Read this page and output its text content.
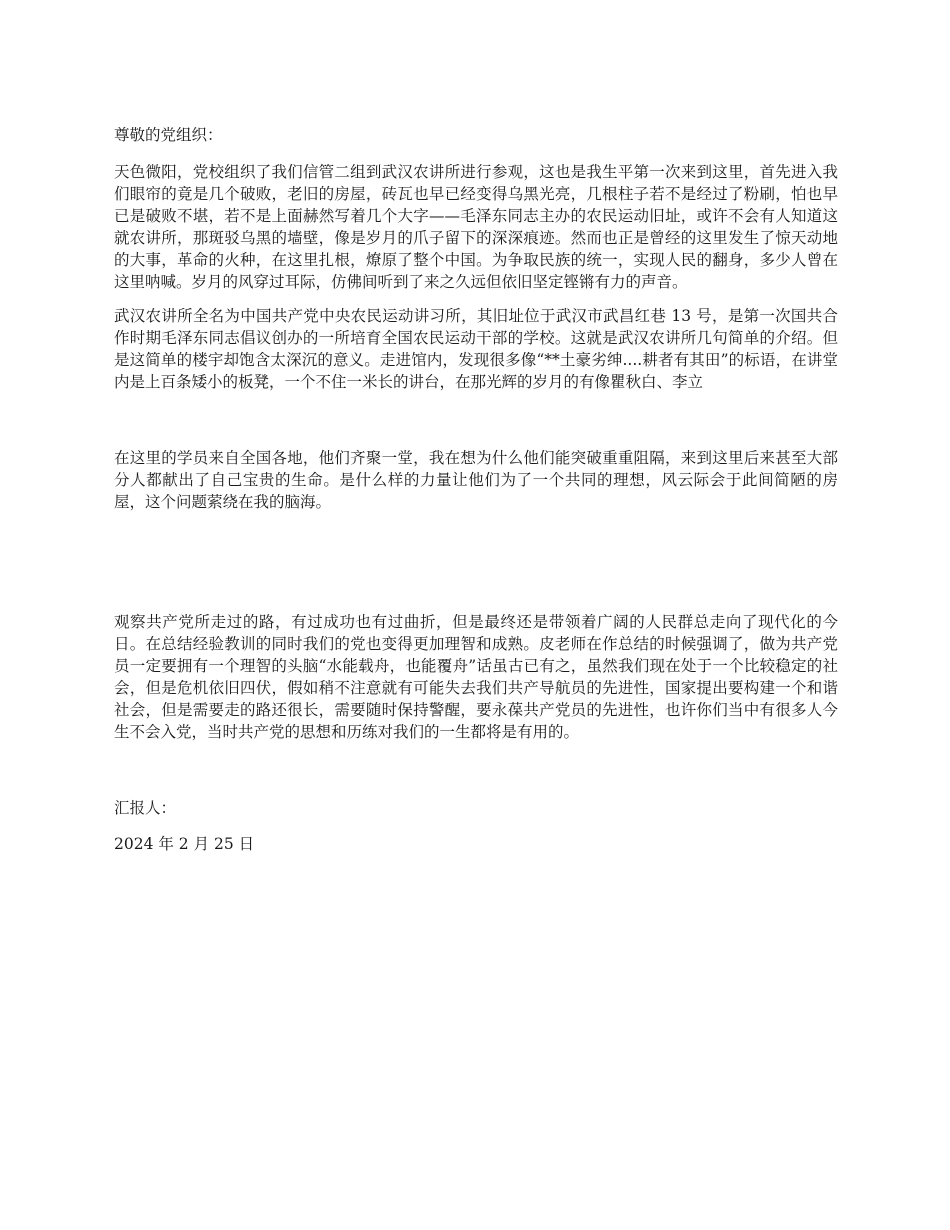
尊敬的党组织：

天色微阳，党校组织了我们信管二组到武汉农讲所进行参观，这也是我生平第一次来到这里，首先进入我们眼帘的竟是几个破败，老旧的房屋，砖瓦也早已经变得乌黑光亮，几根柱子若不是经过了粉刷，怕也早已是破败不堪，若不是上面赫然写着几个大字——毛泽东同志主办的农民运动旧址，或许不会有人知道这就农讲所，那斑驳乌黑的墙壁，像是岁月的爪子留下的深深痕迹。然而也正是曾经的这里发生了惊天动地的大事，革命的火种，在这里扎根，燎原了整个中国。为争取民族的统一，实现人民的翻身，多少人曾在这里呐喊。岁月的风穿过耳际，仿佛间听到了来之久远但依旧坚定铿锵有力的声音。

武汉农讲所全名为中国共产党中央农民运动讲习所，其旧址位于武汉市武昌红巷 13 号，是第一次国共合作时期毛泽东同志倡议创办的一所培育全国农民运动干部的学校。这就是武汉农讲所几句简单的介绍。但是这简单的楼宇却饱含太深沉的意义。走进馆内，发现很多像“**土豪劣绅....耕者有其田”的标语，在讲堂内是上百条矮小的板凳，一个不住一米长的讲台，在那光辉的岁月的有像瞿秋白、李立

在这里的学员来自全国各地，他们齐聚一堂，我在想为什么他们能突破重重阻隔，来到这里后来甚至大部分人都献出了自己宝贵的生命。是什么样的力量让他们为了一个共同的理想，风云际会于此间简陋的房屋，这个问题萦绕在我的脑海。

观察共产党所走过的路，有过成功也有过曲折，但是最终还是带领着广阔的人民群总走向了现代化的今日。在总结经验教训的同时我们的党也变得更加理智和成熟。皮老师在作总结的时候强调了，做为共产党员一定要拥有一个理智的头脑“水能载舟，也能覆舟”话虽古已有之，虽然我们现在处于一个比较稳定的社会，但是危机依旧四伏，假如稍不注意就有可能失去我们共产导航员的先进性，国家提出要构建一个和谐社会，但是需要走的路还很长，需要随时保持警醒，要永葆共产党员的先进性，也许你们当中有很多人今生不会入党，当时共产党的思想和历练对我们的一生都将是有用的。

汇报人：

2024 年 2 月 25 日
